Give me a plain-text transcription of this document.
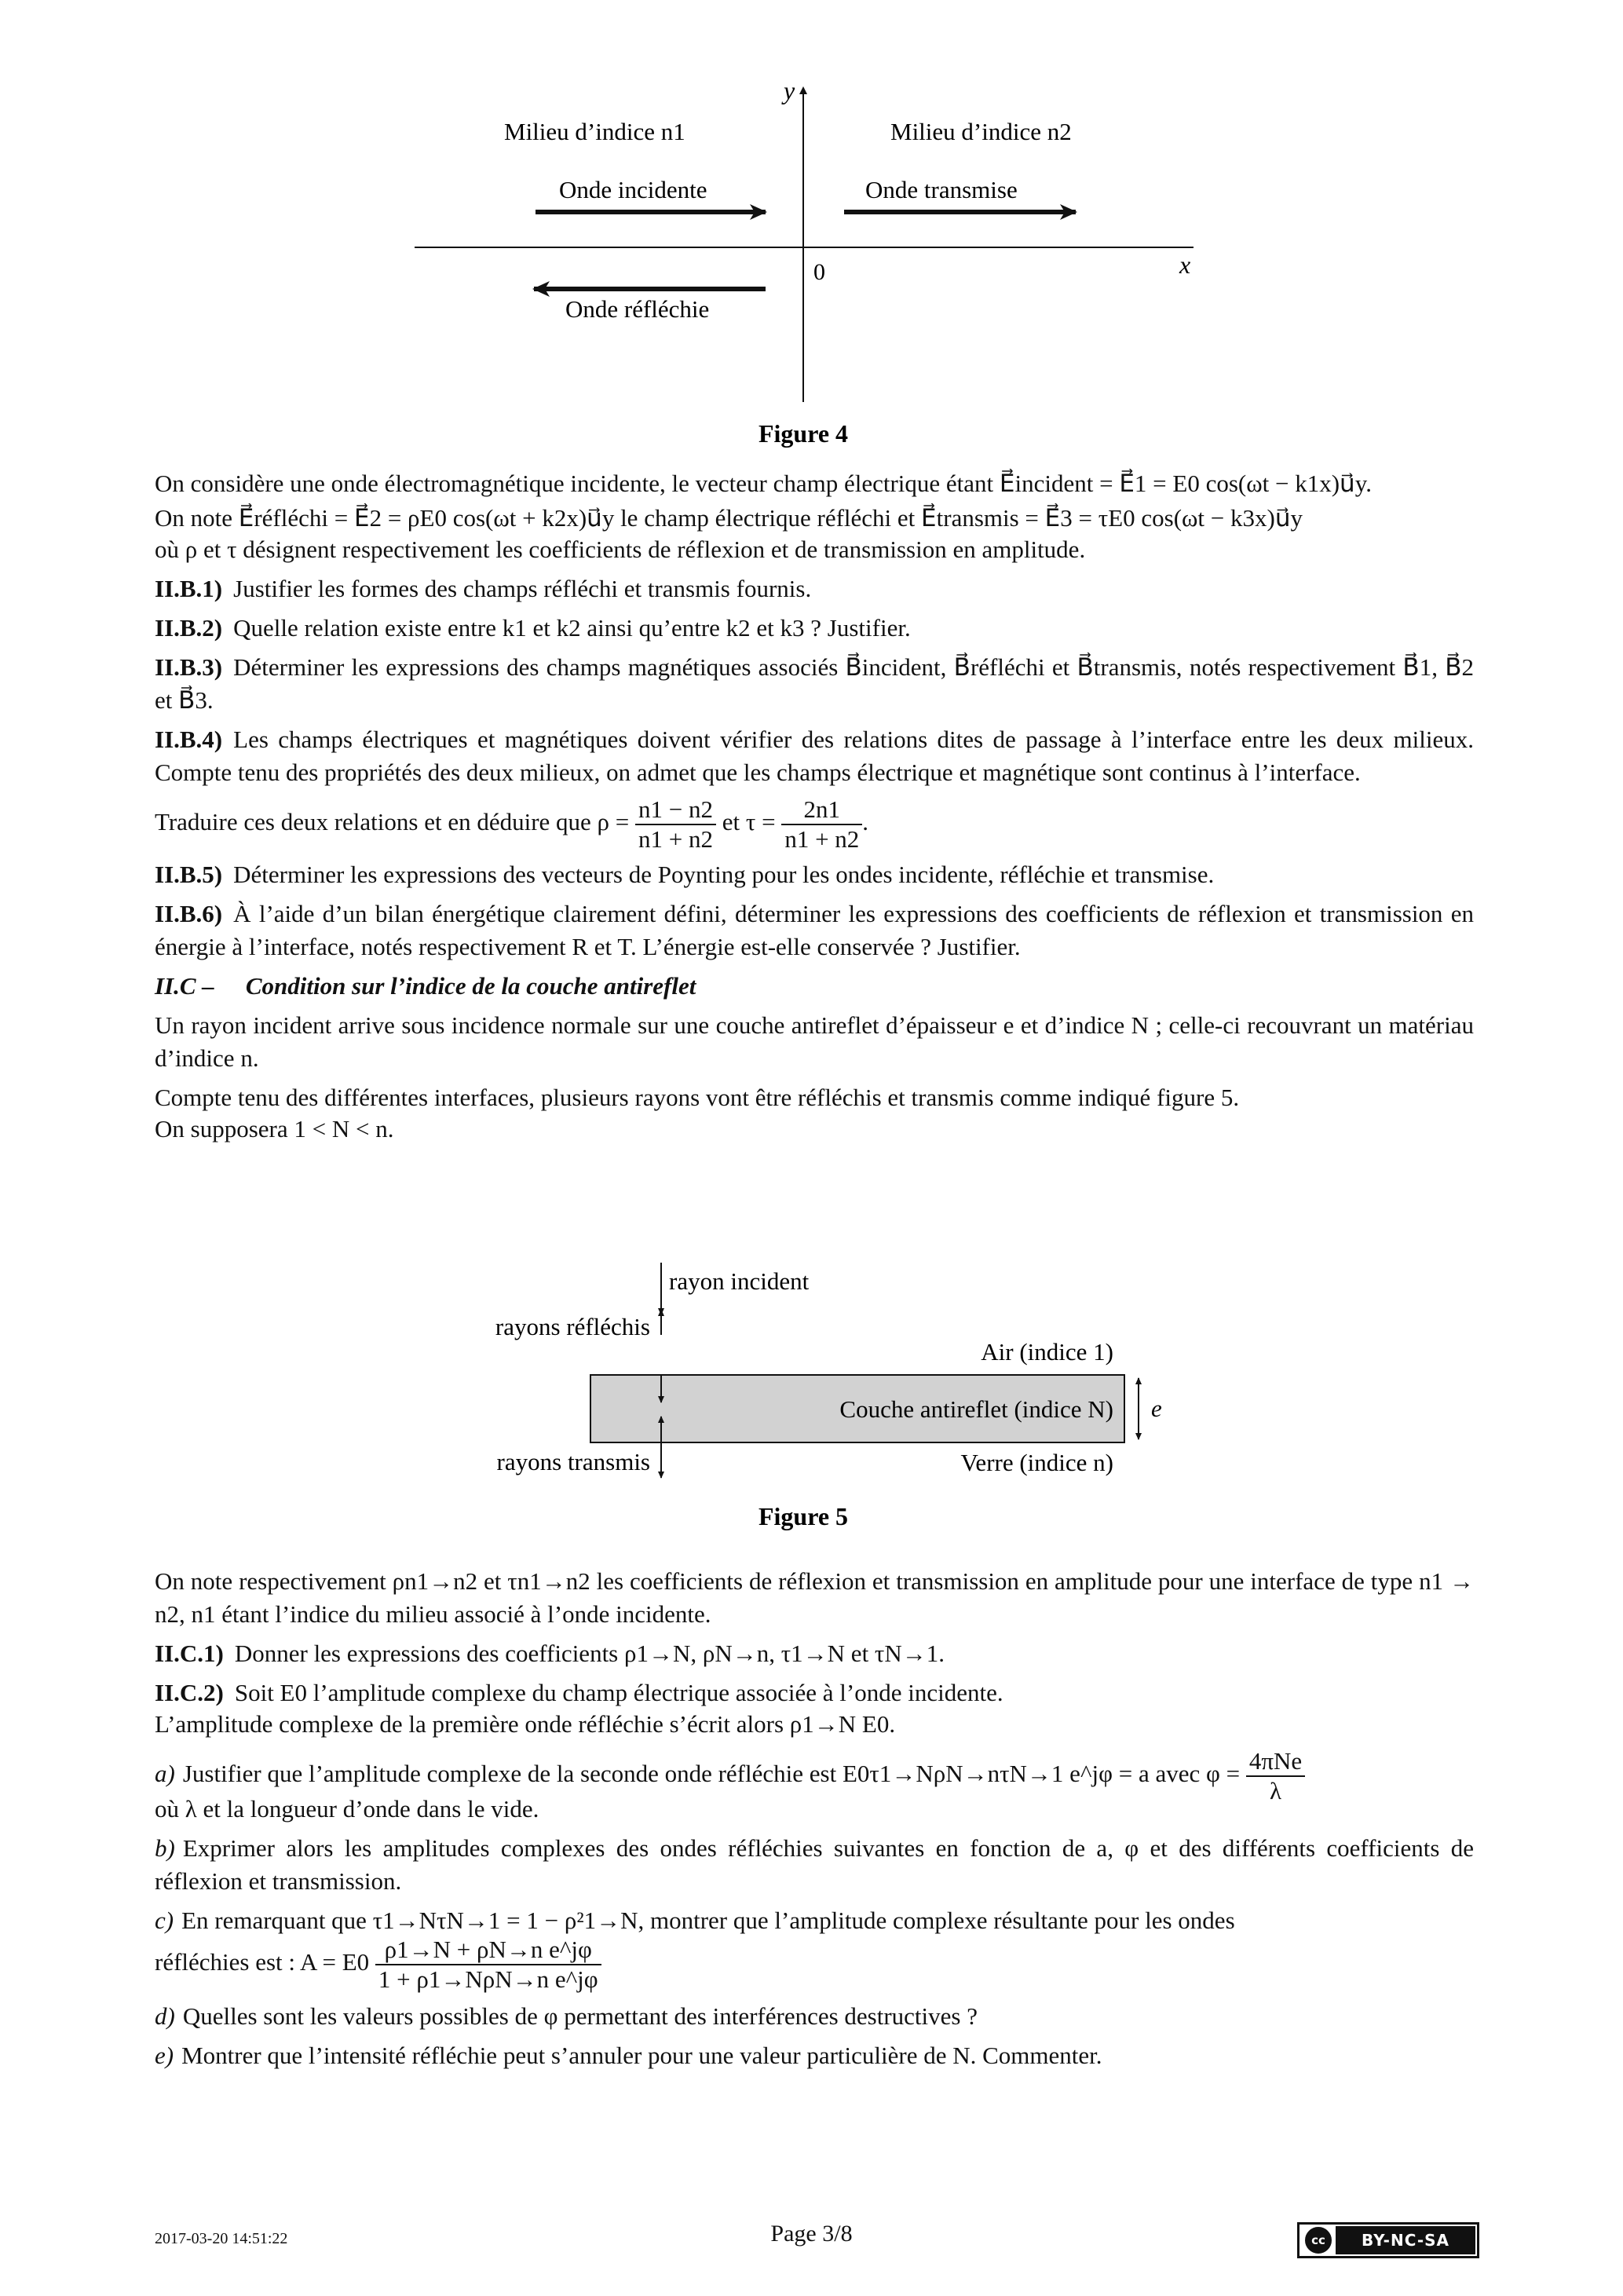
y
x
0
Milieu d’indice n1	Milieu d’indice n2
Onde incidente	Onde transmise
Onde réfléchie
Figure 4

On considère une onde électromagnétique incidente, le vecteur champ électrique étant E⃗incident = E⃗1 = E0 cos(ωt − k1x)u⃗y.

On note E⃗réfléchi = E⃗2 = ρE0 cos(ωt + k2x)u⃗y le champ électrique réfléchi et E⃗transmis = E⃗3 = τE0 cos(ωt − k3x)u⃗y

où ρ et τ désignent respectivement les coefficients de réflexion et de transmission en amplitude.

II.B.1) Justifier les formes des champs réfléchi et transmis fournis.

II.B.2) Quelle relation existe entre k1 et k2 ainsi qu’entre k2 et k3 ? Justifier.

II.B.3) Déterminer les expressions des champs magnétiques associés B⃗incident, B⃗réfléchi et B⃗transmis, notés respectivement B⃗1, B⃗2 et B⃗3.

II.B.4) Les champs électriques et magnétiques doivent vérifier des relations dites de passage à l’interface entre les deux milieux. Compte tenu des propriétés des deux milieux, on admet que les champs électrique et magnétique sont continus à l’interface.

Traduire ces deux relations et en déduire que $\rho = \frac{n1 - n2}{n1 + n2}$ et $\tau = \frac{2n1}{n1 + n2}$ .

II.B.5) Déterminer les expressions des vecteurs de Poynting pour les ondes incidente, réfléchie et transmise.

II.B.6) À l’aide d’un bilan énergétique clairement défini, déterminer les expressions des coefficients de réflexion et transmission en énergie à l’interface, notés respectivement R et T. L’énergie est-elle conservée ? Justifier.

II.C – Condition sur l’indice de la couche antireflet

Un rayon incident arrive sous incidence normale sur une couche antireflet d’épaisseur e et d’indice N ; celle-ci recouvrant un matériau d’indice n.

Compte tenu des différentes interfaces, plusieurs rayons vont être réfléchis et transmis comme indiqué figure 5.

On supposera 1 < N < n.

rayon incident
rayons réfléchis
rayons transmis
Air (indice 1)
Couche antireflet (indice N)
Verre (indice n)
e
Figure 5

On note respectivement ρn1→n2 et τn1→n2 les coefficients de réflexion et transmission en amplitude pour une interface de type n1 → n2, n1 étant l’indice du milieu associé à l’onde incidente.

II.C.1) Donner les expressions des coefficients ρ1→N, ρN→n, τ1→N et τN→1.

II.C.2) Soit E0 l’amplitude complexe du champ électrique associée à l’onde incidente.

L’amplitude complexe de la première onde réfléchie s’écrit alors ρ1→N E0.

a) Justifier que l’amplitude complexe de la seconde onde réfléchie est E0τ1→NρN→nτN→1 e^jφ = a avec $\varphi = \frac{\text{4πNe}}{\lambda}$

où λ et la longueur d’onde dans le vide.

b) Exprimer alors les amplitudes complexes des ondes réfléchies suivantes en fonction de a, φ et des différents coefficients de réflexion et transmission.

c) En remarquant que τ1→NτN→1 = 1 − ρ²1→N, montrer que l’amplitude complexe résultante pour les ondes

réfléchies est : $A = E0 \frac{\text{ρ1→N + ρN→n e\textasciicircum{}jφ}}{\text{1 + ρ1→NρN→n e\textasciicircum{}jφ}}$

d) Quelles sont les valeurs possibles de φ permettant des interférences destructives ?

e) Montrer que l’intensité réfléchie peut s’annuler pour une valeur particulière de N. Commenter.

2017-03-20 14:51:22	Page 3/8	cc	BY-NC-SA
